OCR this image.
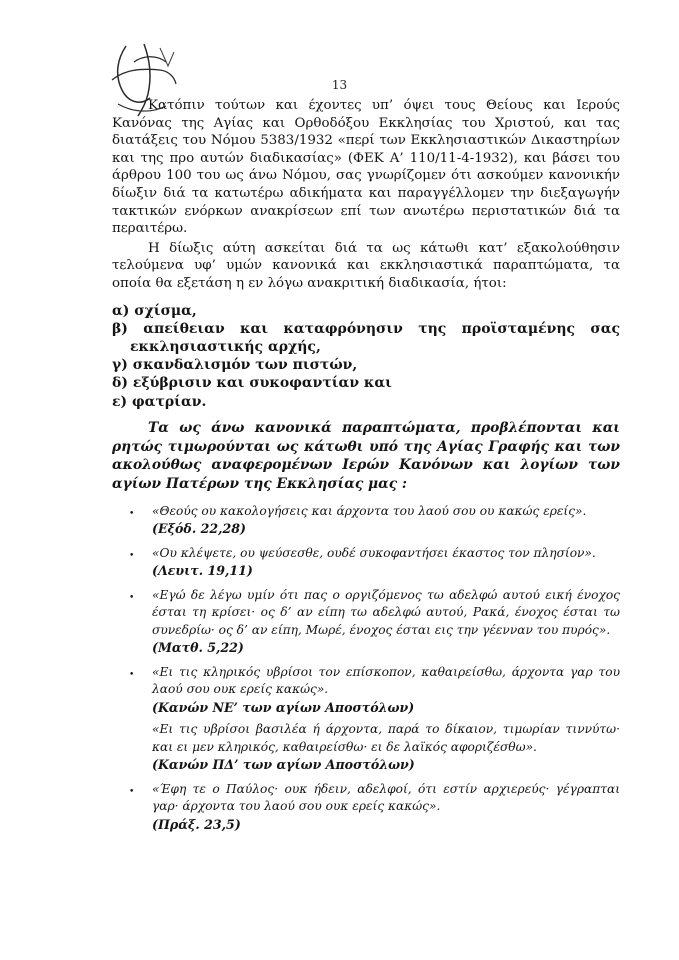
13

Κατόπιν τούτων και έχοντες υπ’ όψει τους Θείους και Ιερούς Κανόνας της Αγίας και Ορθοδόξου Εκκλησίας του Χριστού, και τας διατάξεις του Νόμου 5383/1932 «περί των Εκκλησιαστικών Δικαστηρίων και της προ αυτών διαδικασίας» (ΦΕΚ Α’ 110/11-4-1932), και βάσει του άρθρου 100 του ως άνω Νόμου, σας γνωρίζομεν ότι ασκούμεν κανονικήν δίωξιν διά τα κατωτέρω αδικήματα και παραγγέλλομεν την διεξαγωγήν τακτικών ενόρκων ανακρίσεων επί των ανωτέρω περιστατικών διά τα περαιτέρω.

Η δίωξις αύτη ασκείται διά τα ως κάτωθι κατ’ εξακολούθησιν τελούμενα υφ’ υμών κανονικά και εκκλησιαστικά παραπτώματα, τα οποία θα εξετάση η εν λόγω ανακριτική διαδικασία, ήτοι:

α) σχίσμα,

β) απείθειαν και καταφρόνησιν της προϊσταμένης σας εκκλησιαστικής αρχής,

γ) σκανδαλισμόν των πιστών,

δ) εξύβρισιν και συκοφαντίαν και

ε) φατρίαν.

Τα ως άνω κανονικά παραπτώματα, προβλέπονται και ρητώς τιμωρούνται ως κάτωθι υπό της Αγίας Γραφής και των ακολούθως αναφερομένων Ιερών Κανόνων και λογίων των αγίων Πατέρων της Εκκλησίας μας :

• «Θεούς ου κακολογήσεις και άρχοντα του λαού σου ου κακώς ερείς».
(Εξόδ. 22,28)
• «Ου κλέψετε, ου ψεύσεσθε, ουδέ συκοφαντήσει έκαστος τον πλησίον».
(Λευιτ. 19,11)
• «Εγώ δε λέγω υμίν ότι πας ο οργιζόμενος τω αδελφώ αυτού εική ένοχος έσται τη κρίσει· ος δ’ αν είπη τω αδελφώ αυτού, Ρακά, ένοχος έσται τω συνεδρίω· ος δ’ αν είπη, Μωρέ, ένοχος έσται εις την γέενναν του πυρός».
(Ματθ. 5,22)
• «Ει τις κληρικός υβρίσοι τον επίσκοπον, καθαιρείσθω, άρχοντα γαρ του λαού σου ουκ ερείς κακώς».
(Κανών ΝΕ’ των αγίων Αποστόλων)
«Ει τις υβρίσοι βασιλέα ή άρχοντα, παρά το δίκαιον, τιμωρίαν τιννύτω· και ει μεν κληρικός, καθαιρείσθω· ει δε λαϊκός αφοριζέσθω».
(Κανών ΠΔ’ των αγίων Αποστόλων)
• «Έφη τε ο Παύλος· ουκ ήδειν, αδελφοί, ότι εστίν αρχιερεύς· γέγραπται γαρ· άρχοντα του λαού σου ουκ ερείς κακώς».
(Πράξ. 23,5)
